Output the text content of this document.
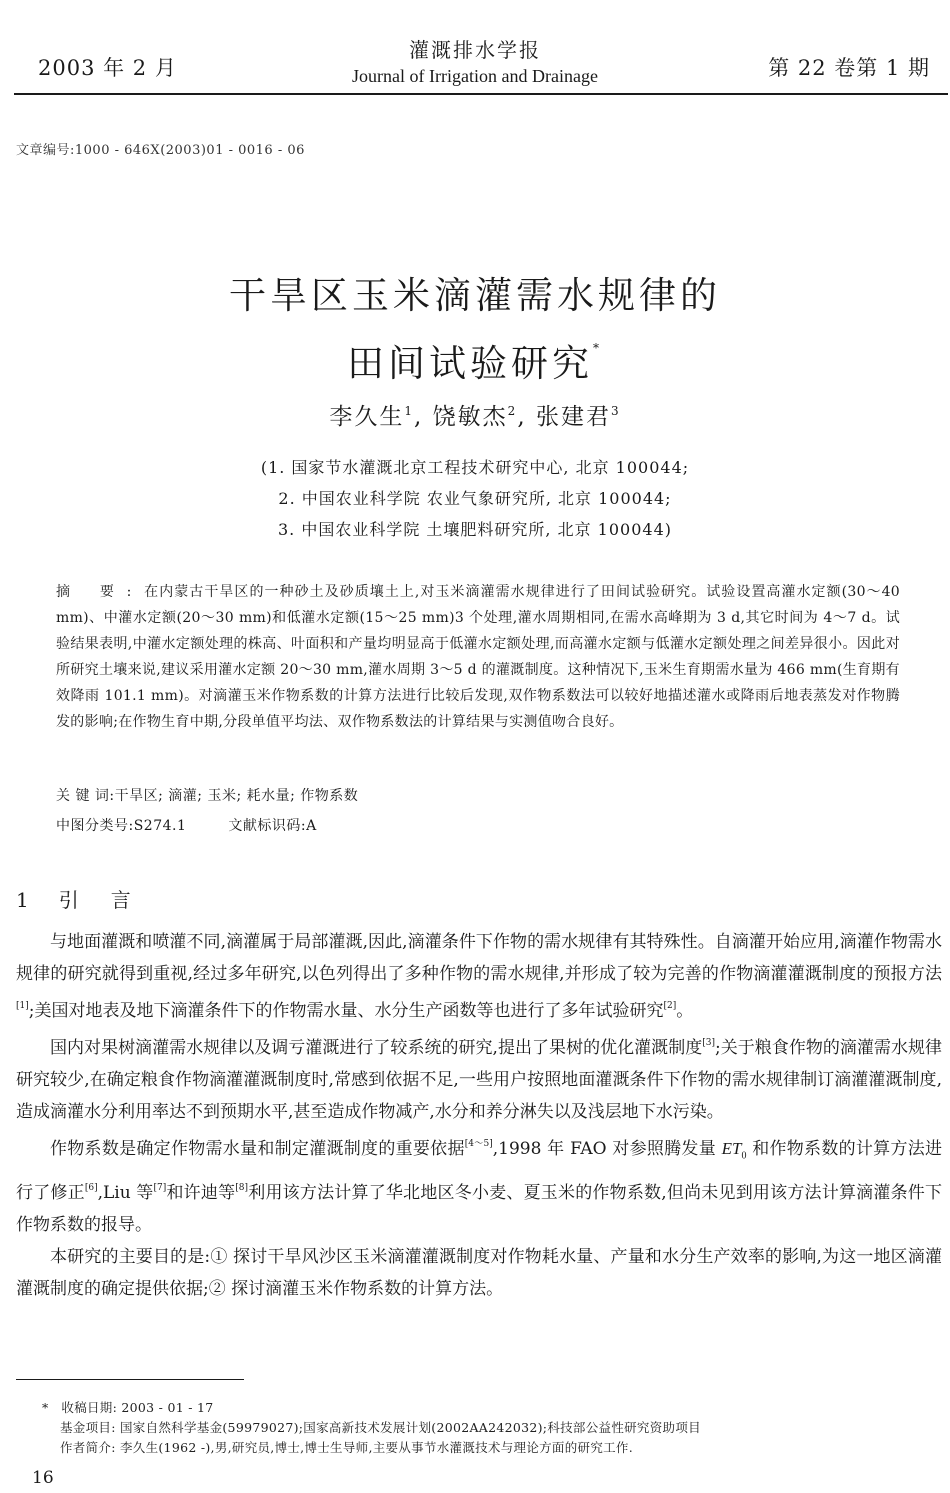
2003 年 2 月
灌溉排水学报
Journal of Irrigation and Drainage	第 22 卷第 1 期
文章编号:1000 - 646X(2003)01 - 0016 - 06
干旱区玉米滴灌需水规律的
田间试验研究*
李久生$^1$, 饶敏杰$^2$, 张建君$^3$
(1. 国家节水灌溉北京工程技术研究中心, 北京 100044;
2. 中国农业科学院 农业气象研究所, 北京 100044;
3. 中国农业科学院 土壤肥料研究所, 北京 100044)
摘 要:在内蒙古干旱区的一种砂土及砂质壤土上,对玉米滴灌需水规律进行了田间试验研究。试验设置高灌水定额(30～40 mm)、中灌水定额(20～30 mm)和低灌水定额(15～25 mm)3 个处理,灌水周期相同,在需水高峰期为 3 d,其它时间为 4～7 d。试验结果表明,中灌水定额处理的株高、叶面积和产量均明显高于低灌水定额处理,而高灌水定额与低灌水定额处理之间差异很小。因此对所研究土壤来说,建议采用灌水定额 20～30 mm,灌水周期 3～5 d 的灌溉制度。这种情况下,玉米生育期需水量为 466 mm(生育期有效降雨 101.1 mm)。对滴灌玉米作物系数的计算方法进行比较后发现,双作物系数法可以较好地描述灌水或降雨后地表蒸发对作物腾发的影响;在作物生育中期,分段单值平均法、双作物系数法的计算结果与实测值吻合良好。
关 键 词:干旱区; 滴灌; 玉米; 耗水量; 作物系数
中图分类号:S274.1	文献标识码:A
1 引 言

与地面灌溉和喷灌不同,滴灌属于局部灌溉,因此,滴灌条件下作物的需水规律有其特殊性。自滴灌开始应用,滴灌作物需水规律的研究就得到重视,经过多年研究,以色列得出了多种作物的需水规律,并形成了较为完善的作物滴灌灌溉制度的预报方法[1];美国对地表及地下滴灌条件下的作物需水量、水分生产函数等也进行了多年试验研究[2]。

国内对果树滴灌需水规律以及调亏灌溉进行了较系统的研究,提出了果树的优化灌溉制度[3];关于粮食作物的滴灌需水规律研究较少,在确定粮食作物滴灌灌溉制度时,常感到依据不足,一些用户按照地面灌溉条件下作物的需水规律制订滴灌灌溉制度,造成滴灌水分利用率达不到预期水平,甚至造成作物减产,水分和养分淋失以及浅层地下水污染。

作物系数是确定作物需水量和制定灌溉制度的重要依据[4～5],1998 年 FAO 对参照腾发量 $ET_0$ 和作物系数的计算方法进行了修正[6],Liu 等[7]和许迪等[8]利用该方法计算了华北地区冬小麦、夏玉米的作物系数,但尚未见到用该方法计算滴灌条件下作物系数的报导。

本研究的主要目的是:① 探讨干旱风沙区玉米滴灌灌溉制度对作物耗水量、产量和水分生产效率的影响,为这一地区滴灌灌溉制度的确定提供依据;② 探讨滴灌玉米作物系数的计算方法。

* 收稿日期: 2003 - 01 - 17
基金项目: 国家自然科学基金(59979027);国家高新技术发展计划(2002AA242032);科技部公益性研究资助项目
作者简介: 李久生(1962 -),男,研究员,博士,博士生导师,主要从事节水灌溉技术与理论方面的研究工作.
16
